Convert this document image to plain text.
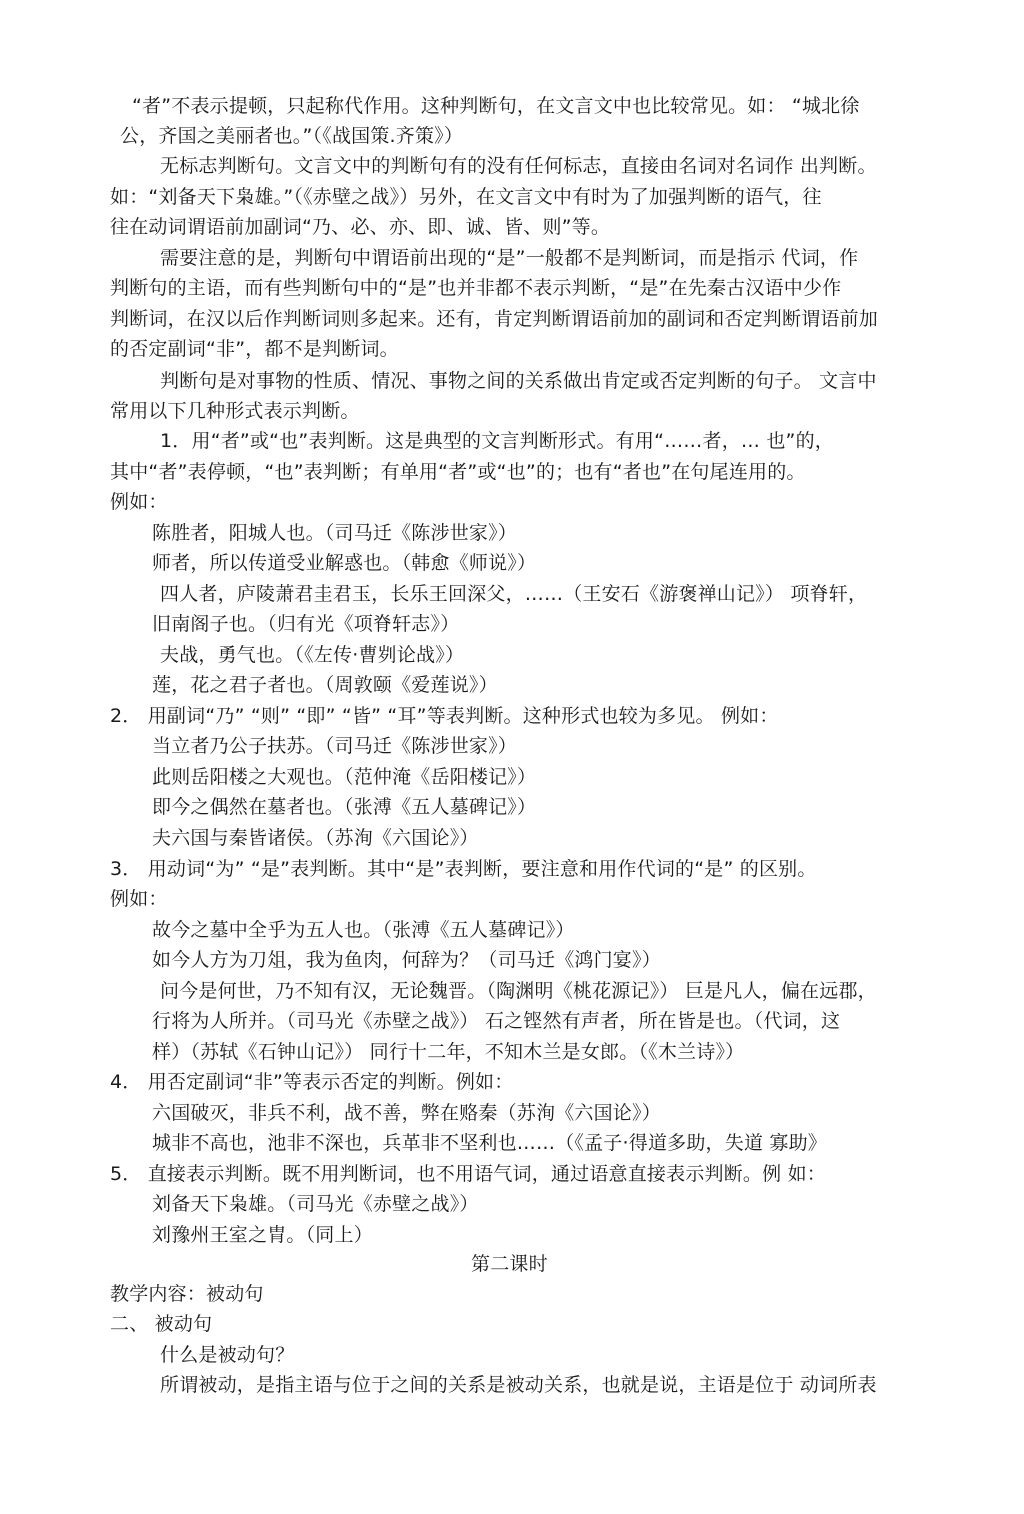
“者”不表示提顿，只起称代作用。这种判断句，在文言文中也比较常见。如： “城北徐
公，齐国之美丽者也。”（《战国策.齐策》）
无标志判断句。文言文中的判断句有的没有任何标志，直接由名词对名词作 出判断。
如：“刘备天下枭雄。”（《赤壁之战》）另外，在文言文中有时为了加强判断的语气，往
往在动词谓语前加副词“乃、必、亦、即、诚、皆、则”等。
需要注意的是，判断句中谓语前出现的“是”一般都不是判断词，而是指示 代词，作
判断句的主语，而有些判断句中的“是”也并非都不表示判断，“是”在先秦古汉语中少作
判断词，在汉以后作判断词则多起来。还有，肯定判断谓语前加的副词和否定判断谓语前加
的否定副词“非”，都不是判断词。
判断句是对事物的性质、情况、事物之间的关系做出肯定或否定判断的句子。 文言中
常用以下几种形式表示判断。
1．用“者”或“也”表判断。这是典型的文言判断形式。有用“……者，… 也”的，
其中“者”表停顿，“也”表判断；有单用“者”或“也”的；也有“者也”在句尾连用的。
例如：
陈胜者，阳城人也。（司马迁《陈涉世家》）
师者，所以传道受业解惑也。（韩愈《师说》）
四人者，庐陵萧君圭君玉，长乐王回深父，……（王安石《游褒禅山记》） 项脊轩，
旧南阁子也。（归有光《项脊轩志》）
夫战，勇气也。（《左传·曹刿论战》）
莲，花之君子者也。（周敦颐《爱莲说》）
2． 用副词“乃” “则” “即” “皆” “耳”等表判断。这种形式也较为多见。 例如：
当立者乃公子扶苏。（司马迁《陈涉世家》）
此则岳阳楼之大观也。（范仲淹《岳阳楼记》）
即今之偶然在墓者也。（张溥《五人墓碑记》）
夫六国与秦皆诸侯。（苏洵《六国论》）
3． 用动词“为” “是”表判断。其中“是”表判断，要注意和用作代词的“是” 的区别。
例如：
故今之墓中全乎为五人也。（张溥《五人墓碑记》）
如今人方为刀俎，我为鱼肉，何辞为？（司马迁《鸿门宴》）
问今是何世，乃不知有汉，无论魏晋。（陶渊明《桃花源记》） 巨是凡人，偏在远郡，
行将为人所并。（司马光《赤壁之战》） 石之铿然有声者，所在皆是也。（代词，这
样）（苏轼《石钟山记》） 同行十二年，不知木兰是女郎。（《木兰诗》）
4． 用否定副词“非”等表示否定的判断。例如：
六国破灭，非兵不利，战不善，弊在赂秦（苏洵《六国论》）
城非不高也，池非不深也，兵革非不坚利也……（《孟子·得道多助，失道 寡助》
5． 直接表示判断。既不用判断词，也不用语气词，通过语意直接表示判断。例 如：
刘备天下枭雄。（司马光《赤壁之战》）
刘豫州王室之胄。（同上）
第二课时
教学内容：被动句
二、 被动句
什么是被动句？
所谓被动，是指主语与位于之间的关系是被动关系，也就是说，主语是位于 动词所表
